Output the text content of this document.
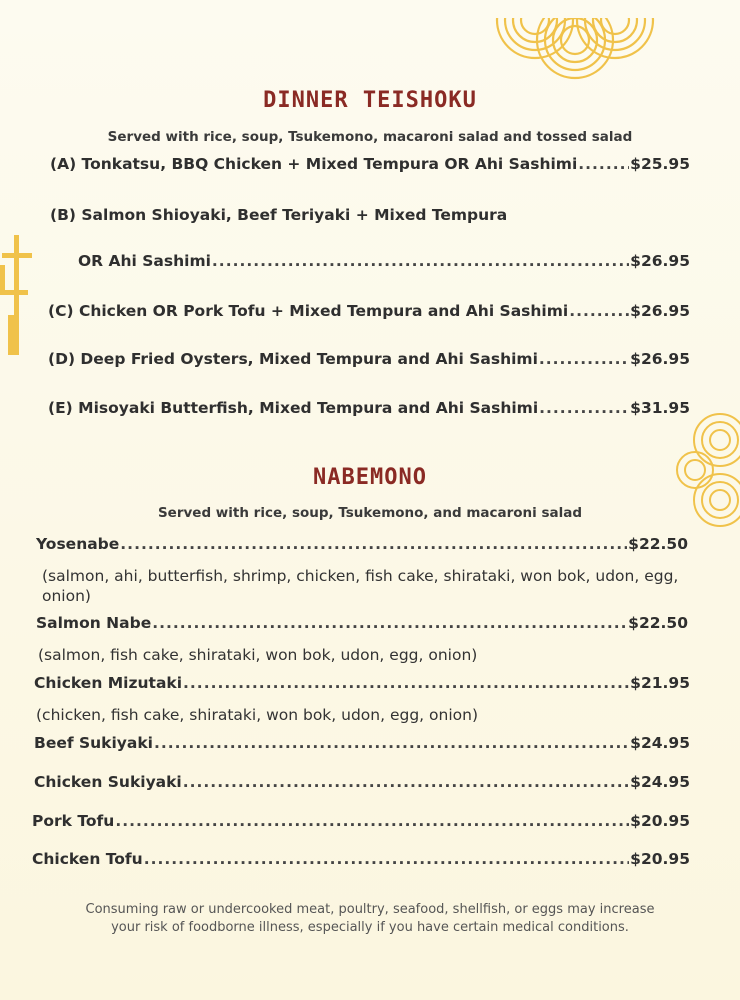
DINNER TEISHOKU
Served with rice, soup, Tsukemono, macaroni salad and tossed salad
(A) Tonkatsu, BBQ Chicken + Mixed Tempura OR Ahi Sashimi .....	$25.95
(B) Salmon Shioyaki, Beef Teriyaki + Mixed Tempura
OR Ahi Sashimi .....	$26.95
(C) Chicken OR Pork Tofu + Mixed Tempura and Ahi Sashimi .....	$26.95
(D) Deep Fried Oysters, Mixed Tempura and Ahi Sashimi .....	$26.95
(E) Misoyaki Butterfish, Mixed Tempura and Ahi Sashimi .....	$31.95
NABEMONO
Served with rice, soup, Tsukemono, and macaroni salad
Yosenabe .....	$22.50
(salmon, ahi, butterfish, shrimp, chicken, fish cake, shirataki, won bok, udon, egg, onion)
Salmon Nabe .....	$22.50
(salmon, fish cake, shirataki, won bok, udon, egg, onion)
Chicken Mizutaki .....	$21.95
(chicken, fish cake, shirataki, won bok, udon, egg, onion)
Beef Sukiyaki .....	$24.95
Chicken Sukiyaki .....	$24.95
Pork Tofu .....	$20.95
Chicken Tofu .....	$20.95
Consuming raw or undercooked meat, poultry, seafood, shellfish, or eggs may increase
your risk of foodborne illness, especially if you have certain medical conditions.
